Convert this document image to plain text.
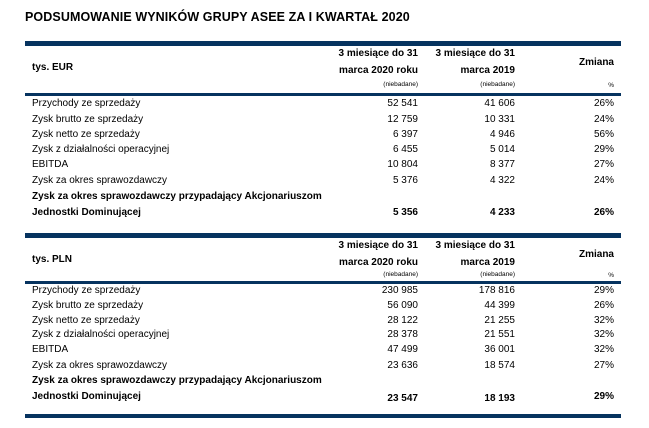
PODSUMOWANIE WYNIKÓW GRUPY ASEE ZA I KWARTAŁ 2020
tys. EUR
3 miesiące do 31
marca 2020 roku
(niebadane)
3 miesiące do 31
marca 2019
(niebadane)
Zmiana
%
Przychody ze sprzedaży	52 541	41 606	26%
Zysk brutto ze sprzedaży	12 759	10 331	24%
Zysk netto ze sprzedaży	6 397	4 946	56%
Zysk z działalności operacyjnej	6 455	5 014	29%
EBITDA	10 804	8 377	27%
Zysk za okres sprawozdawczy	5 376	4 322	24%
Zysk za okres sprawozdawczy przypadający Akcjonariuszom
Jednostki Dominującej	5 356	4 233	26%
tys. PLN
3 miesiące do 31
marca 2020 roku
(niebadane)
3 miesiące do 31
marca 2019
(niebadane)
Zmiana
%
Przychody ze sprzedaży	230 985	178 816	29%
Zysk brutto ze sprzedaży	56 090	44 399	26%
Zysk netto ze sprzedaży	28 122	21 255	32%
Zysk z działalności operacyjnej	28 378	21 551	32%
EBITDA	47 499	36 001	32%
Zysk za okres sprawozdawczy	23 636	18 574	27%
Zysk za okres sprawozdawczy przypadający Akcjonariuszom
Jednostki Dominującej	23 547	18 193	29%
